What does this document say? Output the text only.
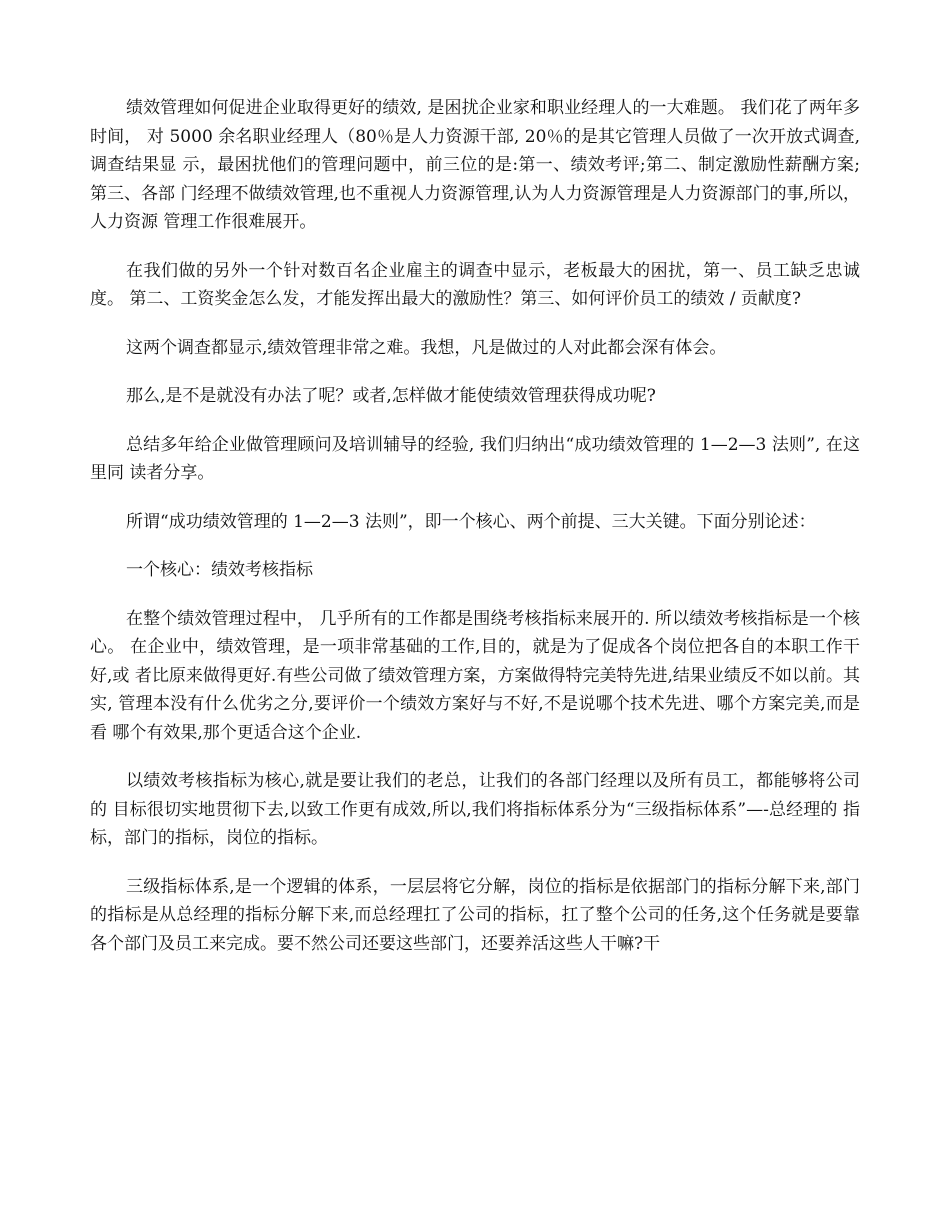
绩效管理如何促进企业取得更好的绩效, 是困扰企业家和职业经理人的一大难题。 我们花了两年多时间， 对 5000 余名职业经理人（80％是人力资源干部, 20％的是其它管理人员做了一次开放式调查,调查结果显 示，最困扰他们的管理问题中，前三位的是:第一、绩效考评;第二、制定激励性薪酬方案;第三、各部 门经理不做绩效管理,也不重视人力资源管理,认为人力资源管理是人力资源部门的事,所以，人力资源 管理工作很难展开。

在我们做的另外一个针对数百名企业雇主的调查中显示，老板最大的困扰，第一、员工缺乏忠诚度。 第二、工资奖金怎么发，才能发挥出最大的激励性？第三、如何评价员工的绩效 / 贡献度?

这两个调查都显示,绩效管理非常之难。我想，凡是做过的人对此都会深有体会。

那么,是不是就没有办法了呢？或者,怎样做才能使绩效管理获得成功呢?

总结多年给企业做管理顾问及培训辅导的经验, 我们归纳出“成功绩效管理的 1—2—3 法则”, 在这里同 读者分享。

所谓“成功绩效管理的 1—2—3 法则”，即一个核心、两个前提、三大关键。下面分别论述：

一个核心：绩效考核指标

在整个绩效管理过程中， 几乎所有的工作都是围绕考核指标来展开的. 所以绩效考核指标是一个核心。 在企业中，绩效管理，是一项非常基础的工作,目的，就是为了促成各个岗位把各自的本职工作干好,或 者比原来做得更好.有些公司做了绩效管理方案，方案做得特完美特先进,结果业绩反不如以前。其实, 管理本没有什么优劣之分,要评价一个绩效方案好与不好,不是说哪个技术先进、哪个方案完美,而是看 哪个有效果,那个更适合这个企业.

以绩效考核指标为核心,就是要让我们的老总，让我们的各部门经理以及所有员工，都能够将公司的 目标很切实地贯彻下去,以致工作更有成效,所以,我们将指标体系分为“三级指标体系”—-总经理的 指标，部门的指标，岗位的指标。

三级指标体系,是一个逻辑的体系，一层层将它分解，岗位的指标是依据部门的指标分解下来,部门 的指标是从总经理的指标分解下来,而总经理扛了公司的指标，扛了整个公司的任务,这个任务就是要靠 各个部门及员工来完成。要不然公司还要这些部门，还要养活这些人干嘛?干
